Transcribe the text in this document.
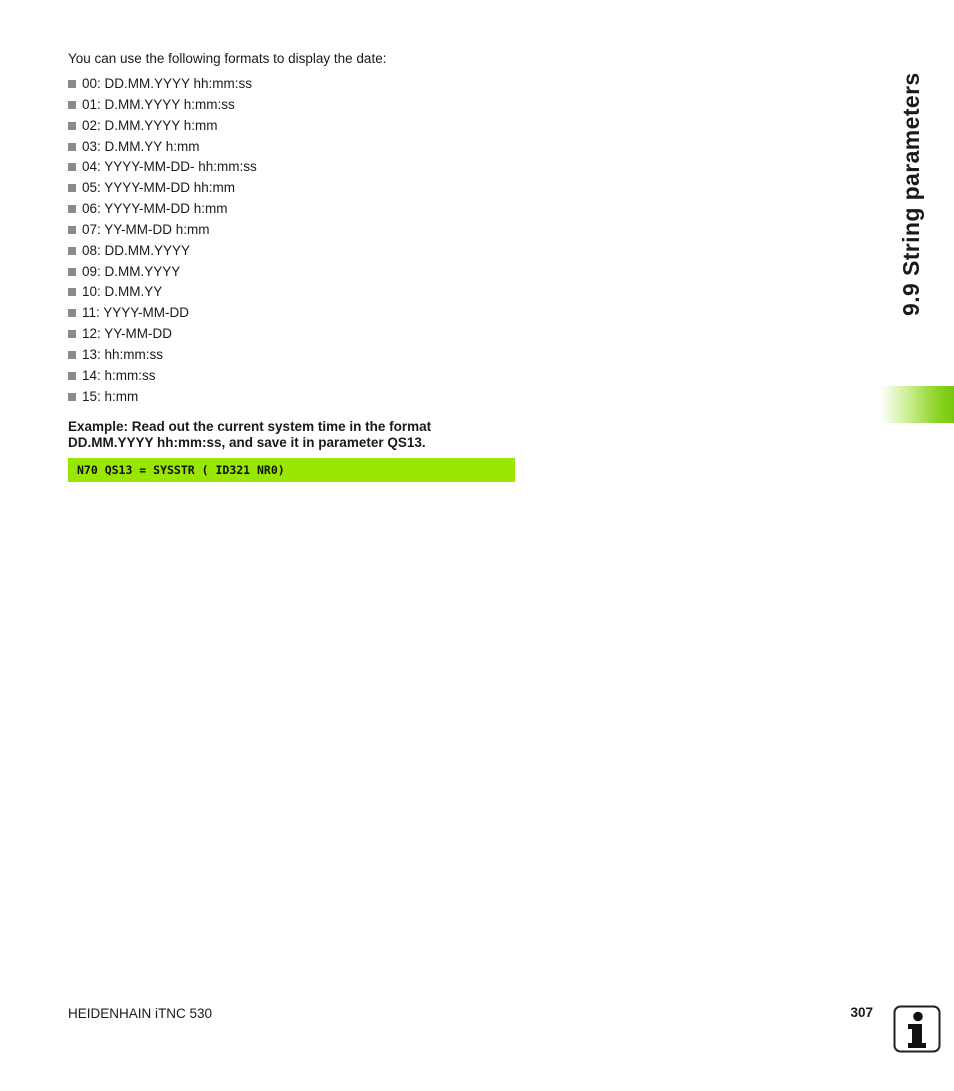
You can use the following formats to display the date:

00: DD.MM.YYYY hh:mm:ss
01: D.MM.YYYY h:mm:ss
02: D.MM.YYYY h:mm
03: D.MM.YY h:mm
04: YYYY-MM-DD- hh:mm:ss
05: YYYY-MM-DD hh:mm
06: YYYY-MM-DD h:mm
07: YY-MM-DD h:mm
08: DD.MM.YYYY
09: D.MM.YYYY
10: D.MM.YY
11: YYYY-MM-DD
12: YY-MM-DD
13: hh:mm:ss
14: h:mm:ss
15: h:mm
Example: Read out the current system time in the format
DD.MM.YYYY hh:mm:ss, and save it in parameter QS13.
N70 QS13 = SYSSTR ( ID321 NR0)
9.9 String parameters

HEIDENHAIN iTNC 530	307
